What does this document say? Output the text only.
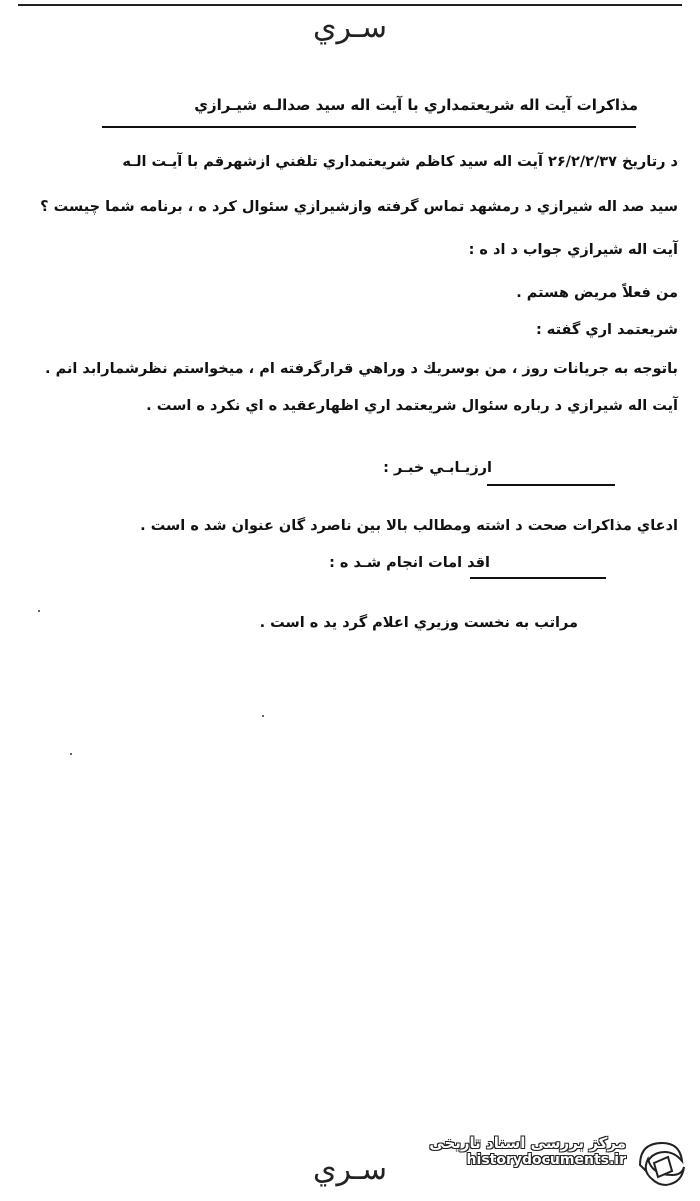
سـري
مذاكرات آيت اله شريعتمداري با آيت اله سيد صدالـه شيـرازي
د رتاريخ ۲۶/۲/۲/۳۷ آيت اله سيد كاظم شريعتمداري تلفني ازشهرقم با آيـت الـه
سيد صد اله شيرازي د رمشهد تماس گرفته وازشيرازي سئوال كرد ه ، برنامه شما چيست ؟
آيت اله شيرازي جواب د اد ه :
من فعلاً مريض هستم .
شريعتمد اري گفته :
باتوجه به جريانات روز ، من بوسريك د وراهي قرارگرفته ام ، ميخواستم نظرشمارابد انم .
آيت اله شيرازي د رباره سئوال شريعتمد اري اظهارعقيد ه اي نكرد ه است .
ارزيـابـي خبـر :
ادعاي مذاكرات صحت د اشته ومطالب بالا بين ناصرد گان عنوان شد ه است .
اقد امات انجام شـد ه :
مراتب به نخست وزيري اعلام گرد يد ه است .
سـري
مرکز بررسی اسناد تاریخی
historydocuments.ir
